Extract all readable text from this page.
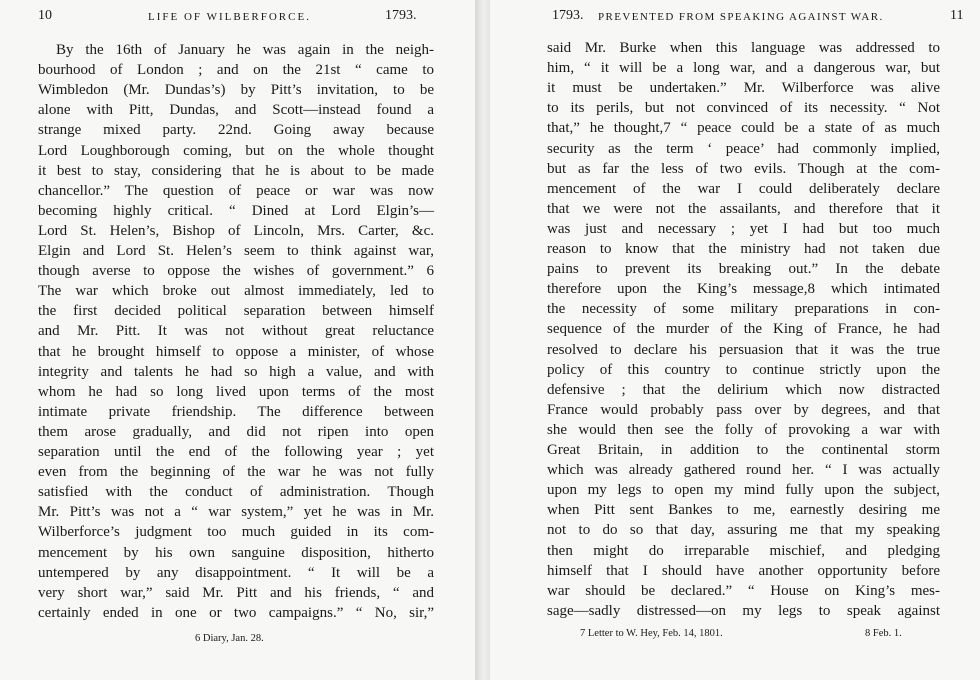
10	LIFE OF WILBERFORCE.	1793.
By the 16th of January he was again in the neigh-
bourhood of London ; and on the 21st “ came to
Wimbledon (Mr. Dundas’s) by Pitt’s invitation, to be
alone with Pitt, Dundas, and Scott—instead found a
strange mixed party. 22nd. Going away because
Lord Loughborough coming, but on the whole thought
it best to stay, considering that he is about to be made
chancellor.” The question of peace or war was now
becoming highly critical. “ Dined at Lord Elgin’s—
Lord St. Helen’s, Bishop of Lincoln, Mrs. Carter, &c.
Elgin and Lord St. Helen’s seem to think against war,
though averse to oppose the wishes of government.” 6
The war which broke out almost immediately, led to
the first decided political separation between himself
and Mr. Pitt. It was not without great reluctance
that he brought himself to oppose a minister, of whose
integrity and talents he had so high a value, and with
whom he had so long lived upon terms of the most
intimate private friendship. The difference between
them arose gradually, and did not ripen into open
separation until the end of the following year ; yet
even from the beginning of the war he was not fully
satisfied with the conduct of administration. Though
Mr. Pitt’s was not a “ war system,” yet he was in Mr.
Wilberforce’s judgment too much guided in its com-
mencement by his own sanguine disposition, hitherto
untempered by any disappointment. “ It will be a
very short war,” said Mr. Pitt and his friends, “ and
certainly ended in one or two campaigns.” “ No, sir,”
6 Diary, Jan. 28.
1793. PREVENTED FROM SPEAKING AGAINST WAR.	11
said Mr. Burke when this language was addressed to
him, “ it will be a long war, and a dangerous war, but
it must be undertaken.” Mr. Wilberforce was alive
to its perils, but not convinced of its necessity. “ Not
that,” he thought,7 “ peace could be a state of as much
security as the term ‘ peace’ had commonly implied,
but as far the less of two evils. Though at the com-
mencement of the war I could deliberately declare
that we were not the assailants, and therefore that it
was just and necessary ; yet I had but too much
reason to know that the ministry had not taken due
pains to prevent its breaking out.” In the debate
therefore upon the King’s message,8 which intimated
the necessity of some military preparations in con-
sequence of the murder of the King of France, he had
resolved to declare his persuasion that it was the true
policy of this country to continue strictly upon the
defensive ; that the delirium which now distracted
France would probably pass over by degrees, and that
she would then see the folly of provoking a war with
Great Britain, in addition to the continental storm
which was already gathered round her. “ I was actually
upon my legs to open my mind fully upon the subject,
when Pitt sent Bankes to me, earnestly desiring me
not to do so that day, assuring me that my speaking
then might do irreparable mischief, and pledging
himself that I should have another opportunity before
war should be declared.” “ House on King’s mes-
sage—sadly distressed—on my legs to speak against
7 Letter to W. Hey, Feb. 14, 1801.	8 Feb. 1.
